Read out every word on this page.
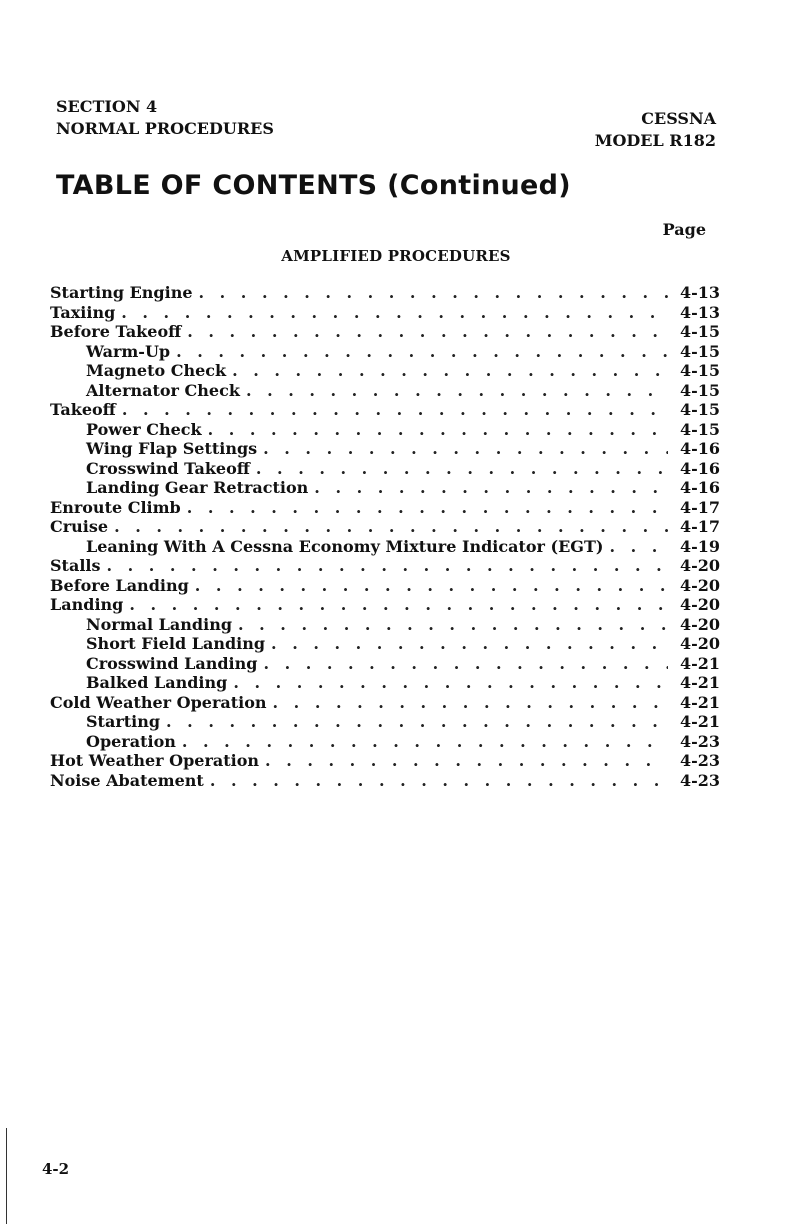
SECTION 4
NORMAL PROCEDURES
CESSNA
MODEL R182
TABLE OF CONTENTS (Continued)
Page
AMPLIFIED PROCEDURES
Starting Engine . . .	4-13
Taxiing . . .	4-13
Before Takeoff . . .	4-15
Warm-Up . . .	4-15
Magneto Check . . .	4-15
Alternator Check . . .	4-15
Takeoff . . .	4-15
Power Check . . .	4-15
Wing Flap Settings . . .	4-16
Crosswind Takeoff . . .	4-16
Landing Gear Retraction . . .	4-16
Enroute Climb . . .	4-17
Cruise . . .	4-17
Leaning With A Cessna Economy Mixture Indicator (EGT) . . .	4-19
Stalls . . .	4-20
Before Landing . . .	4-20
Landing . . .	4-20
Normal Landing . . .	4-20
Short Field Landing . . .	4-20
Crosswind Landing . . .	4-21
Balked Landing . . .	4-21
Cold Weather Operation . . .	4-21
Starting . . .	4-21
Operation . . .	4-23
Hot Weather Operation . . .	4-23
Noise Abatement . . .	4-23
4-2
